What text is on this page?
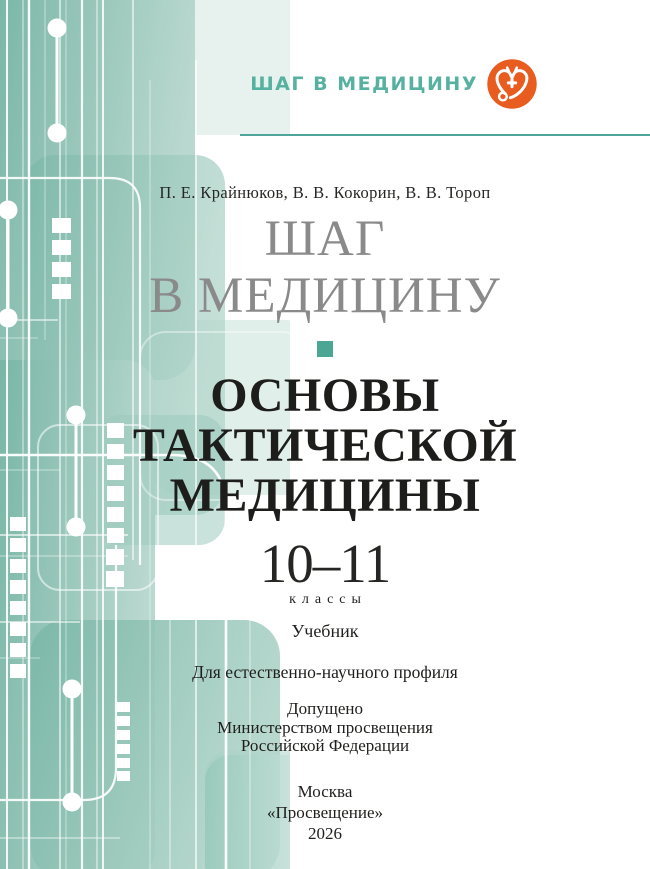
ШАГ В МЕДИЦИНУ
П. Е. Крайнюков, В. В. Кокорин, В. В. Тороп
ШАГ
В МЕДИЦИНУ
ОСНОВЫ
ТАКТИЧЕСКОЙ
МЕДИЦИНЫ
10–11
классы
Учебник
Для естественно-научного профиля
Допущено
Министерством просвещения
Российской Федерации
Москва
«Просвещение»
2026
